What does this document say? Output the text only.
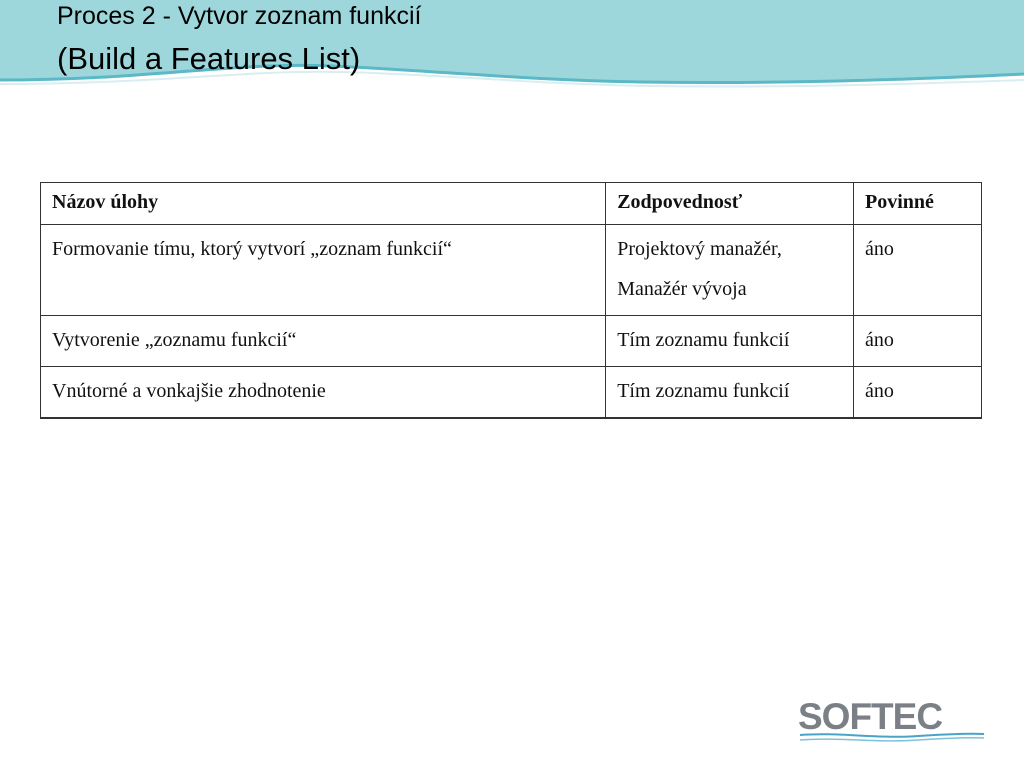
Proces 2 - Vytvor zoznam funkcií
(Build a Features List)
Názov úlohy	Zodpovednosť	Povinné
Formovanie tímu, ktorý vytvorí „zoznam funkcií“	Projektový manažér, Manažér vývoja	áno
Vytvorenie „zoznamu funkcií“	Tím zoznamu funkcií	áno
Vnútorné a vonkajšie zhodnotenie	Tím zoznamu funkcií	áno
SOFTEC
